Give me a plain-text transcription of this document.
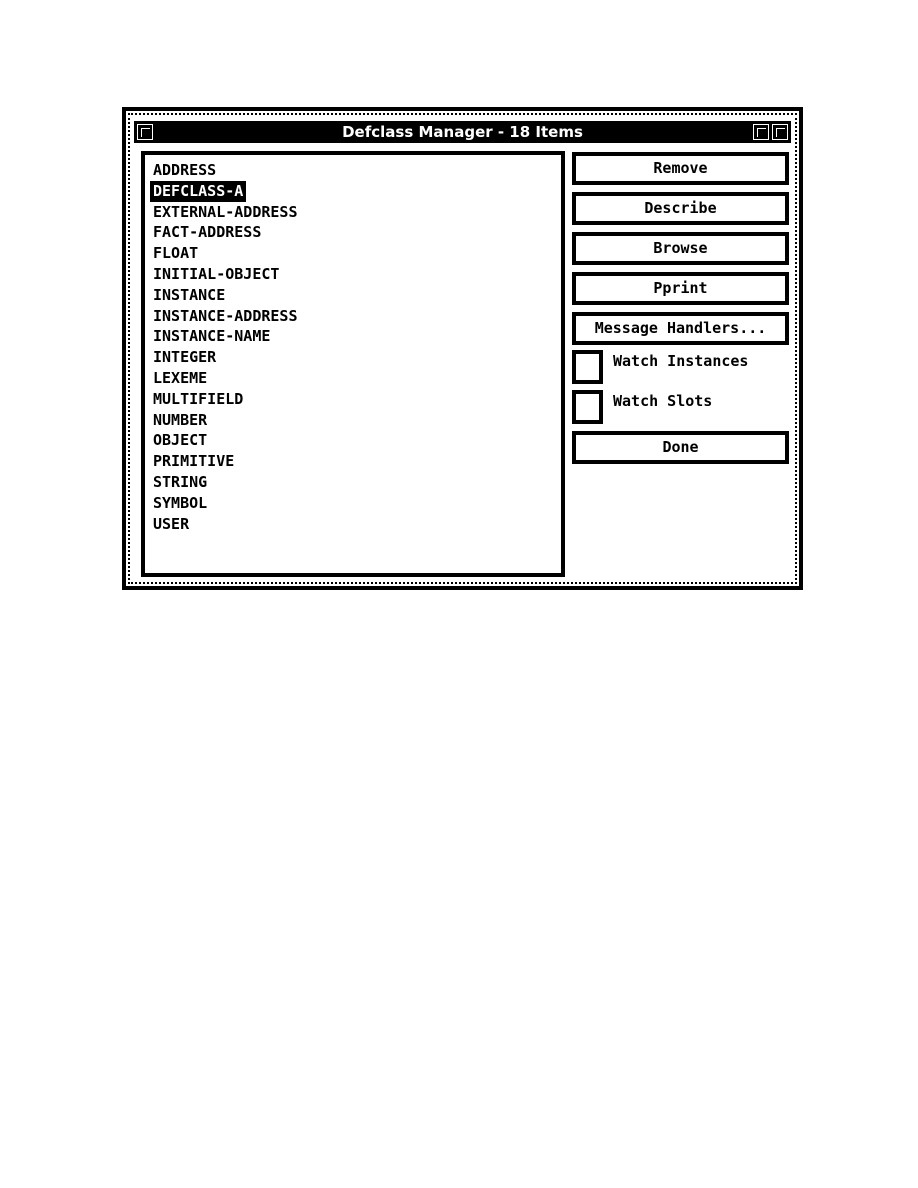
Defclass Manager - 18 Items
ADDRESS
DEFCLASS-A
EXTERNAL-ADDRESS
FACT-ADDRESS
FLOAT
INITIAL-OBJECT
INSTANCE
INSTANCE-ADDRESS
INSTANCE-NAME
INTEGER
LEXEME
MULTIFIELD
NUMBER
OBJECT
PRIMITIVE
STRING
SYMBOL
USER
Remove
Describe
Browse
Pprint
Message Handlers...
Watch Instances
Watch Slots
Done
